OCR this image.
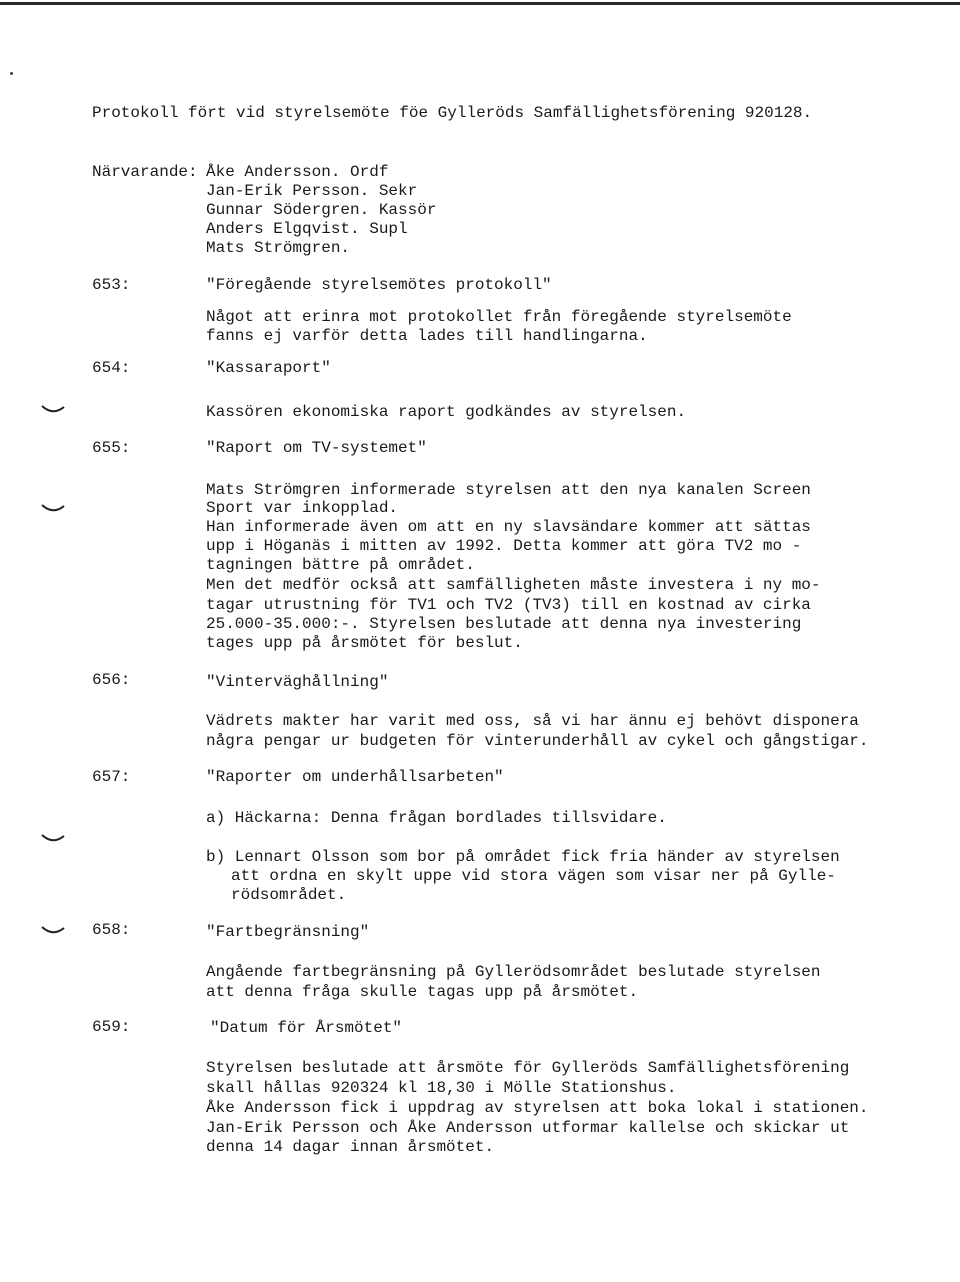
Protokoll fört vid styrelsemöte föe Gylleröds Samfällighetsförening 920128.
Närvarande: Åke Andersson. Ordf
Jan-Erik Persson. Sekr
Gunnar Södergren. Kassör
Anders Elgqvist. Supl
Mats Strömgren.
653:	"Föregående styrelsemötes protokoll"
Något att erinra mot protokollet från föregående styrelsemöte
fanns ej varför detta lades till handlingarna.
654:	"Kassaraport"
Kassören ekonomiska raport godkändes av styrelsen.
655:	"Raport om TV-systemet"
Mats Strömgren informerade styrelsen att den nya kanalen Screen
Sport var inkopplad.
Han informerade även om att en ny slavsändare kommer att sättas
upp i Höganäs i mitten av 1992. Detta kommer att göra TV2 mo -
tagningen bättre på området.
Men det medför också att samfälligheten måste investera i ny mo-
tagar utrustning för TV1 och TV2 (TV3) till en kostnad av cirka
25.000-35.000:-. Styrelsen beslutade att denna nya investering
tages upp på årsmötet för beslut.
656:	"Vinterväghållning"
Vädrets makter har varit med oss, så vi har ännu ej behövt disponera
några pengar ur budgeten för vinterunderhåll av cykel och gångstigar.
657:	"Raporter om underhållsarbeten"
a) Häckarna: Denna frågan bordlades tillsvidare.
b) Lennart Olsson som bor på området fick fria händer av styrelsen
att ordna en skylt uppe vid stora vägen som visar ner på Gylle-
rödsområdet.
658:	"Fartbegränsning"
Angående fartbegränsning på Gyllerödsområdet beslutade styrelsen
att denna fråga skulle tagas upp på årsmötet.
659:	"Datum för Årsmötet"
Styrelsen beslutade att årsmöte för Gylleröds Samfällighetsförening
skall hållas 920324 kl 18,30 i Mölle Stationshus.
Åke Andersson fick i uppdrag av styrelsen att boka lokal i stationen.
Jan-Erik Persson och Åke Andersson utformar kallelse och skickar ut
denna 14 dagar innan årsmötet.
